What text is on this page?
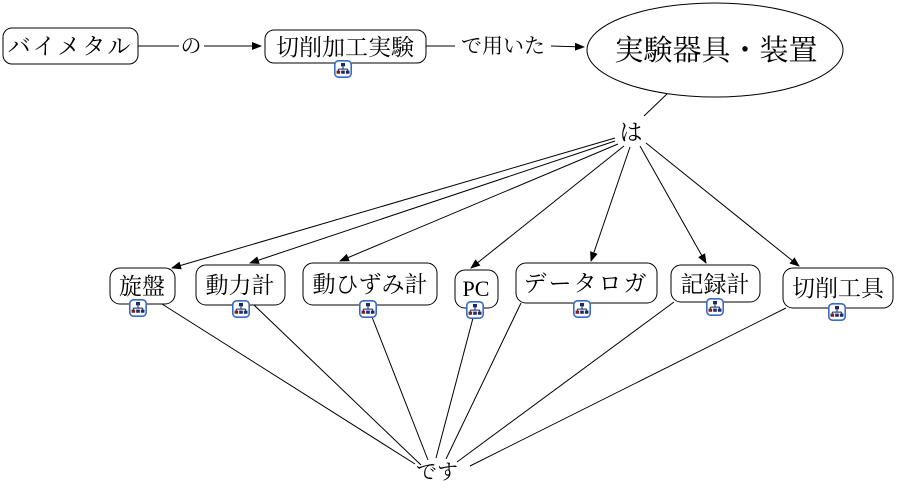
バイメタル	切削加工実験	実験器具・装置
の	で用いた
は
です
旋盤 動力計 動ひずみ計 PC データロガ 記録計 切削工具
